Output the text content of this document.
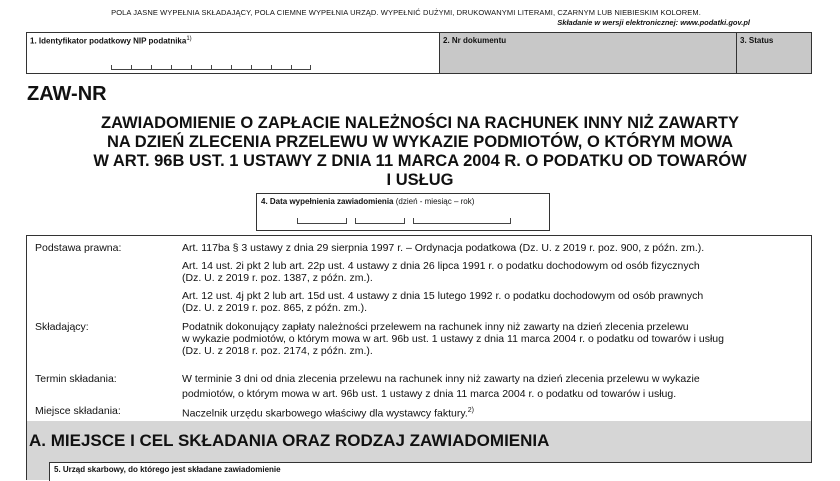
POLA JASNE WYPEŁNIA SKŁADAJĄCY, POLA CIEMNE WYPEŁNIA URZĄD. WYPEŁNIĆ DUŻYMI, DRUKOWANYMI LITERAMI, CZARNYM LUB NIEBIESKIM KOLOREM.
Składanie w wersji elektronicznej: www.podatki.gov.pl
1. Identyfikator podatkowy NIP podatnika$^{1)}$	2. Nr dokumentu	3. Status
ZAW-NR
ZAWIADOMIENIE O ZAPŁACIE NALEŻNOŚCI NA RACHUNEK INNY NIŻ ZAWARTY
NA DZIEŃ ZLECENIA PRZELEWU W WYKAZIE PODMIOTÓW, O KTÓRYM MOWA
W ART. 96B UST. 1 USTAWY Z DNIA 11 MARCA 2004 R. O PODATKU OD TOWARÓW
I USŁUG
4. Data wypełnienia zawiadomienia (dzień - miesiąc – rok)
Podstawa prawna:	Art. 117ba § 3 ustawy z dnia 29 sierpnia 1997 r. – Ordynacja podatkowa (Dz. U. z 2019 r. poz. 900, z późn. zm.).
Art. 14 ust. 2i pkt 2 lub art. 22p ust. 4 ustawy z dnia 26 lipca 1991 r. o podatku dochodowym od osób fizycznych
(Dz. U. z 2019 r. poz. 1387, z późn. zm.).
Art. 12 ust. 4j pkt 2 lub art. 15d ust. 4 ustawy z dnia 15 lutego 1992 r. o podatku dochodowym od osób prawnych
(Dz. U. z 2019 r. poz. 865, z późn. zm.).
Składający:	Podatnik dokonujący zapłaty należności przelewem na rachunek inny niż zawarty na dzień zlecenia przelewu
w wykazie podmiotów, o którym mowa w art. 96b ust. 1 ustawy z dnia 11 marca 2004 r. o podatku od towarów i usług
(Dz. U. z 2018 r. poz. 2174, z późn. zm.).
Termin składania:	W terminie 3 dni od dnia zlecenia przelewu na rachunek inny niż zawarty na dzień zlecenia przelewu w wykazie
podmiotów, o którym mowa w art. 96b ust. 1 ustawy z dnia 11 marca 2004 r. o podatku od towarów i usług.
Miejsce składania:	Naczelnik urzędu skarbowego właściwy dla wystawcy faktury.$^{2)}$
A. MIEJSCE I CEL SKŁADANIA ORAZ RODZAJ ZAWIADOMIENIA
5. Urząd skarbowy, do którego jest składane zawiadomienie
